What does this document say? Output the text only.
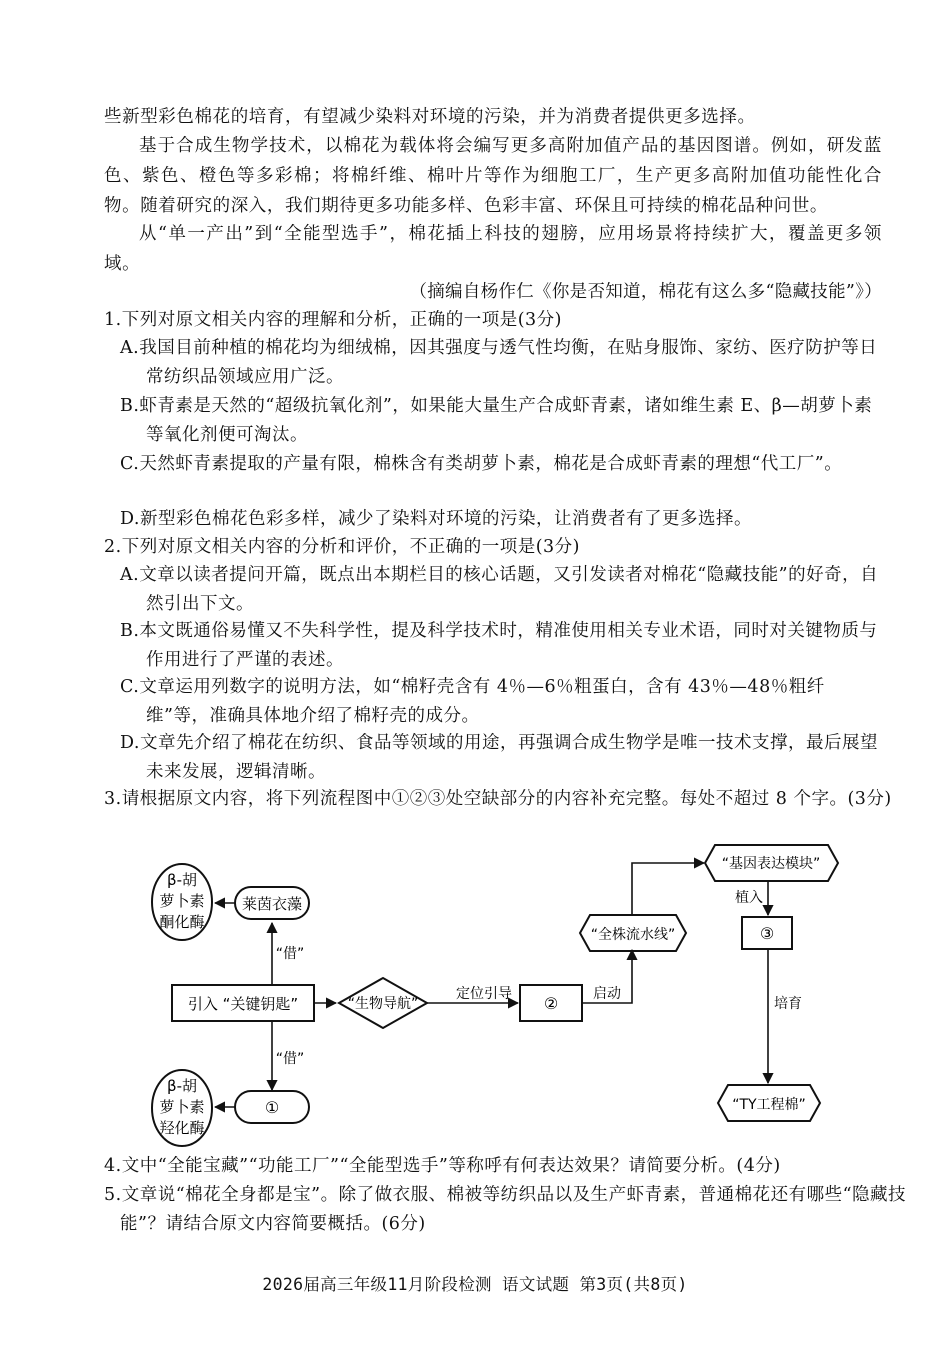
些新型彩色棉花的培育，有望减少染料对环境的污染，并为消费者提供更多选择。
基于合成生物学技术，以棉花为载体将会编写更多高附加值产品的基因图谱。例如，研发蓝色、紫色、橙色等多彩棉；将棉纤维、棉叶片等作为细胞工厂，生产更多高附加值功能性化合物。随着研究的深入，我们期待更多功能多样、色彩丰富、环保且可持续的棉花品种问世。
从“单一产出”到“全能型选手”，棉花插上科技的翅膀，应用场景将持续扩大，覆盖更多领域。
（摘编自杨作仁《你是否知道，棉花有这么多“隐藏技能”》）
1.下列对原文相关内容的理解和分析，正确的一项是(3分)
A.我国目前种植的棉花均为细绒棉，因其强度与透气性均衡，在贴身服饰、家纺、医疗防护等日常纺织品领域应用广泛。
B.虾青素是天然的“超级抗氧化剂”，如果能大量生产合成虾青素，诸如维生素 E、β—胡萝卜素等氧化剂便可淘汰。
C.天然虾青素提取的产量有限，棉株含有类胡萝卜素，棉花是合成虾青素的理想“代工厂”。
D.新型彩色棉花色彩多样，减少了染料对环境的污染，让消费者有了更多选择。
2.下列对原文相关内容的分析和评价，不正确的一项是(3分)
A.文章以读者提问开篇，既点出本期栏目的核心话题，又引发读者对棉花“隐藏技能”的好奇，自然引出下文。
B.本文既通俗易懂又不失科学性，提及科学技术时，精准使用相关专业术语，同时对关键物质与作用进行了严谨的表述。
C.文章运用列数字的说明方法，如“棉籽壳含有 4％—6％粗蛋白，含有 43％—48％粗纤维”等，准确具体地介绍了棉籽壳的成分。
D.文章先介绍了棉花在纺织、食品等领域的用途，再强调合成生物学是唯一技术支撑，最后展望未来发展，逻辑清晰。
3.请根据原文内容，将下列流程图中①②③处空缺部分的内容补充完整。每处不超过 8 个字。(3分)
β-胡
萝卜素
酮化酶
莱茵衣藻
“借”
引入 “关键钥匙”	“生物导航”
定位引导 ② 启动
“全株流水线”
“基因表达模块”
植入
③
培育
“TY工程棉”
“借”
①
β-胡
萝卜素
羟化酶
4.文中“全能宝藏”“功能工厂”“全能型选手”等称呼有何表达效果？请简要分析。(4分)
5.文章说“棉花全身都是宝”。除了做衣服、棉被等纺织品以及生产虾青素，普通棉花还有哪些“隐藏技能”？请结合原文内容简要概括。(6分)
2026届高三年级11月阶段检测 语文试题 第3页(共8页)
